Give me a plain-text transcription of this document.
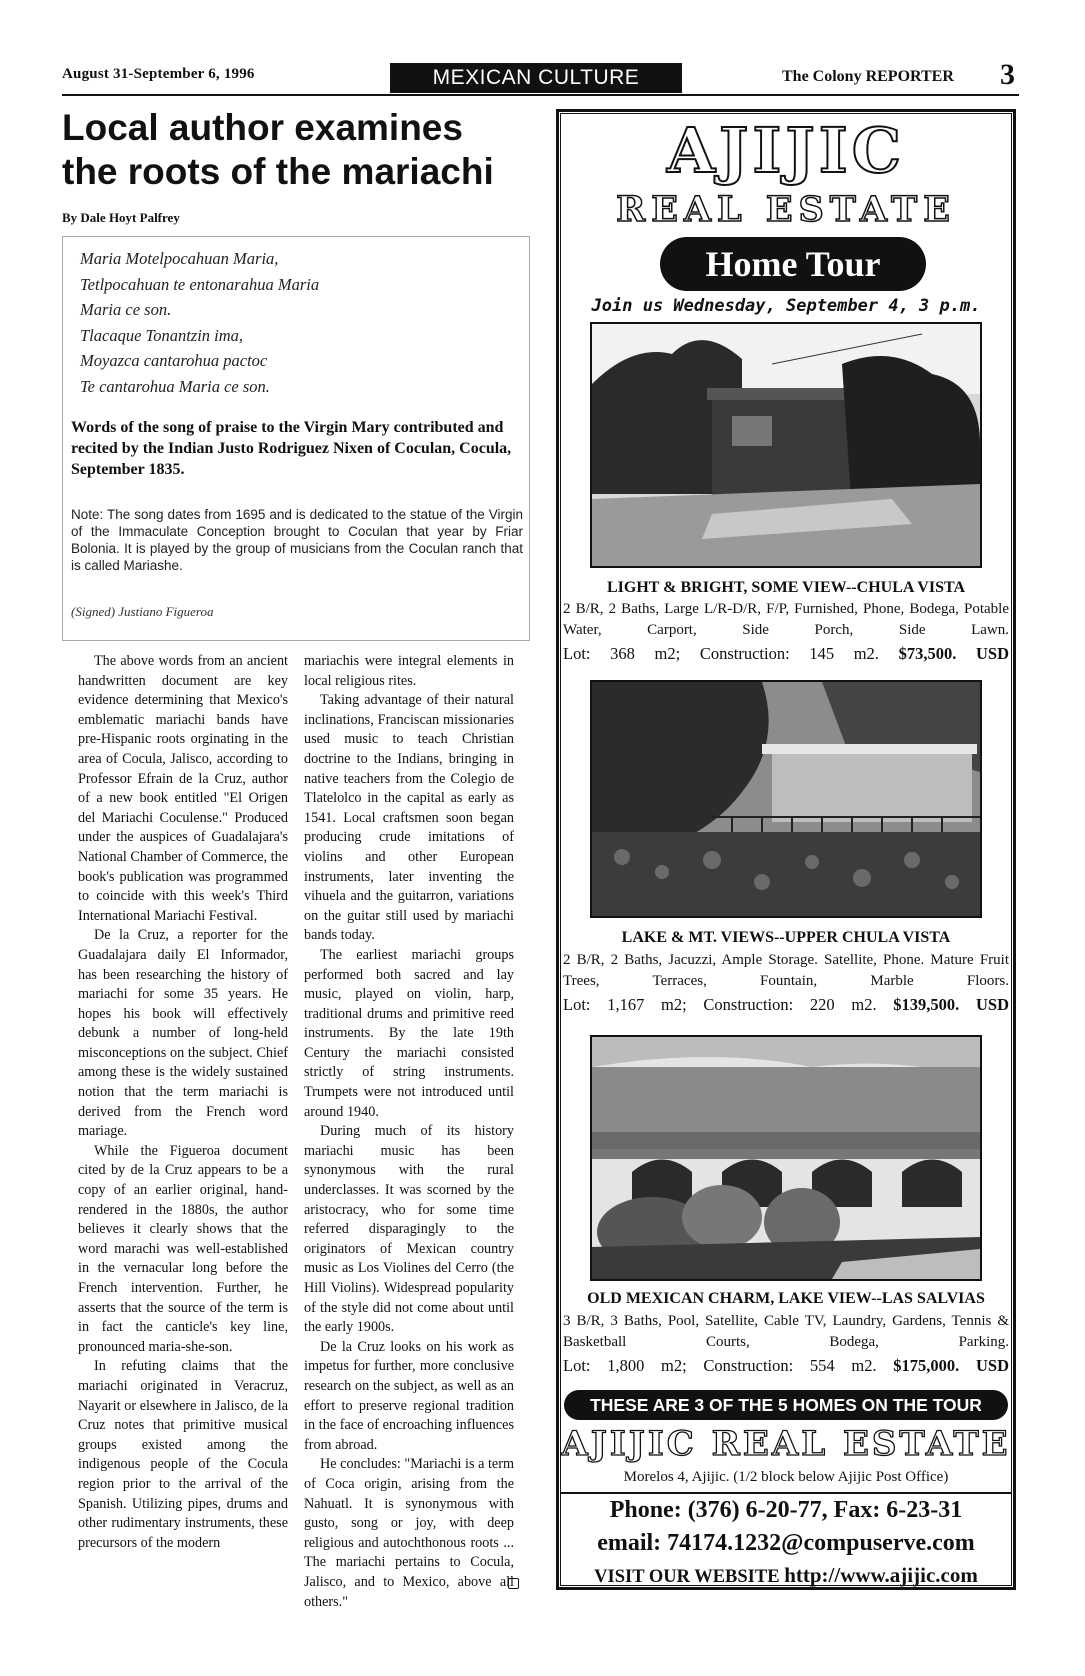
August 31-September 6, 1996	MEXICAN CULTURE	The Colony REPORTER 3
Local author examines
the roots of the mariachi
By Dale Hoyt Palfrey
Maria Motelpocahuan Maria,
Tetlpocahuan te entonarahua Maria
Maria ce son.
Tlacaque Tonantzin ima,
Moyazca cantarohua pactoc
Te cantarohua Maria ce son.
Words of the song of praise to the Virgin Mary contributed and recited by the Indian Justo Rodriguez Nixen of Coculan, Cocula, September 1835.
Note: The song dates from 1695 and is dedicated to the statue of the Virgin of the Immaculate Conception brought to Coculan that year by Friar Bolonia. It is played by the group of musicians from the Coculan ranch that is called Mariashe.
(Signed) Justiano Figueroa

The above words from an ancient handwritten document are key evidence determining that Mexico's emblematic mariachi bands have pre-Hispanic roots orginating in the area of Cocula, Jalisco, according to Professor Efrain de la Cruz, author of a new book entitled "El Origen del Mariachi Coculense." Produced under the auspices of Guadalajara's National Chamber of Commerce, the book's publication was programmed to coincide with this week's Third International Mariachi Festival.

De la Cruz, a reporter for the Guadalajara daily El Informador, has been researching the history of mariachi for some 35 years. He hopes his book will effectively debunk a number of long-held misconceptions on the subject. Chief among these is the widely sustained notion that the term mariachi is derived from the French word mariage.

While the Figueroa document cited by de la Cruz appears to be a copy of an earlier original, hand-rendered in the 1880s, the author believes it clearly shows that the word marachi was well-established in the vernacular long before the French intervention. Further, he asserts that the source of the term is in fact the canticle's key line, pronounced maria-she-son.

In refuting claims that the mariachi originated in Veracruz, Nayarit or elsewhere in Jalisco, de la Cruz notes that primitive musical groups existed among the indigenous people of the Cocula region prior to the arrival of the Spanish. Utilizing pipes, drums and other rudimentary instruments, these precursors of the modern

mariachis were integral elements in local religious rites.

Taking advantage of their natural inclinations, Franciscan missionaries used music to teach Christian doctrine to the Indians, bringing in native teachers from the Colegio de Tlatelolco in the capital as early as 1541. Local craftsmen soon began producing crude imitations of violins and other European instruments, later inventing the vihuela and the guitarron, variations on the guitar still used by mariachi bands today.

The earliest mariachi groups performed both sacred and lay music, played on violin, harp, traditional drums and primitive reed instruments. By the late 19th Century the mariachi consisted strictly of string instruments. Trumpets were not introduced until around 1940.

During much of its history mariachi music has been synonymous with the rural underclasses. It was scorned by the aristocracy, who for some time referred disparagingly to the originators of Mexican country music as Los Violines del Cerro (the Hill Violins). Widespread popularity of the style did not come about until the early 1900s.

De la Cruz looks on his work as impetus for further, more conclusive research on the subject, as well as an effort to preserve regional tradition in the face of encroaching influences from abroad.

He concludes: "Mariachi is a term of Coca origin, arising from the Nahuatl. It is synonymous with gusto, song or joy, with deep religious and autochthonous roots ... The mariachi pertains to Cocula, Jalisco, and to Mexico, above all others."

AJIJIC
REAL ESTATE
Home Tour
Join us Wednesday, September 4, 3 p.m.
LIGHT & BRIGHT, SOME VIEW--CHULA VISTA
2 B/R, 2 Baths, Large L/R-D/R, F/P, Furnished, Phone, Bodega, Potable Water, Carport, Side Porch, Side Lawn.
Lot: 368 m2; Construction: 145 m2. $73,500. USD
LAKE & MT. VIEWS--UPPER CHULA VISTA
2 B/R, 2 Baths, Jacuzzi, Ample Storage. Satellite, Phone. Mature Fruit Trees, Terraces, Fountain, Marble Floors.
Lot: 1,167 m2; Construction: 220 m2. $139,500. USD
OLD MEXICAN CHARM, LAKE VIEW--LAS SALVIAS
3 B/R, 3 Baths, Pool, Satellite, Cable TV, Laundry, Gardens, Tennis & Basketball Courts, Bodega, Parking.
Lot: 1,800 m2; Construction: 554 m2. $175,000. USD
THESE ARE 3 OF THE 5 HOMES ON THE TOUR
AJIJIC REAL ESTATE
Morelos 4, Ajijic. (1/2 block below Ajijic Post Office)
Phone: (376) 6-20-77, Fax: 6-23-31
email: 74174.1232@compuserve.com
VISIT OUR WEBSITE http://www.ajijic.com
